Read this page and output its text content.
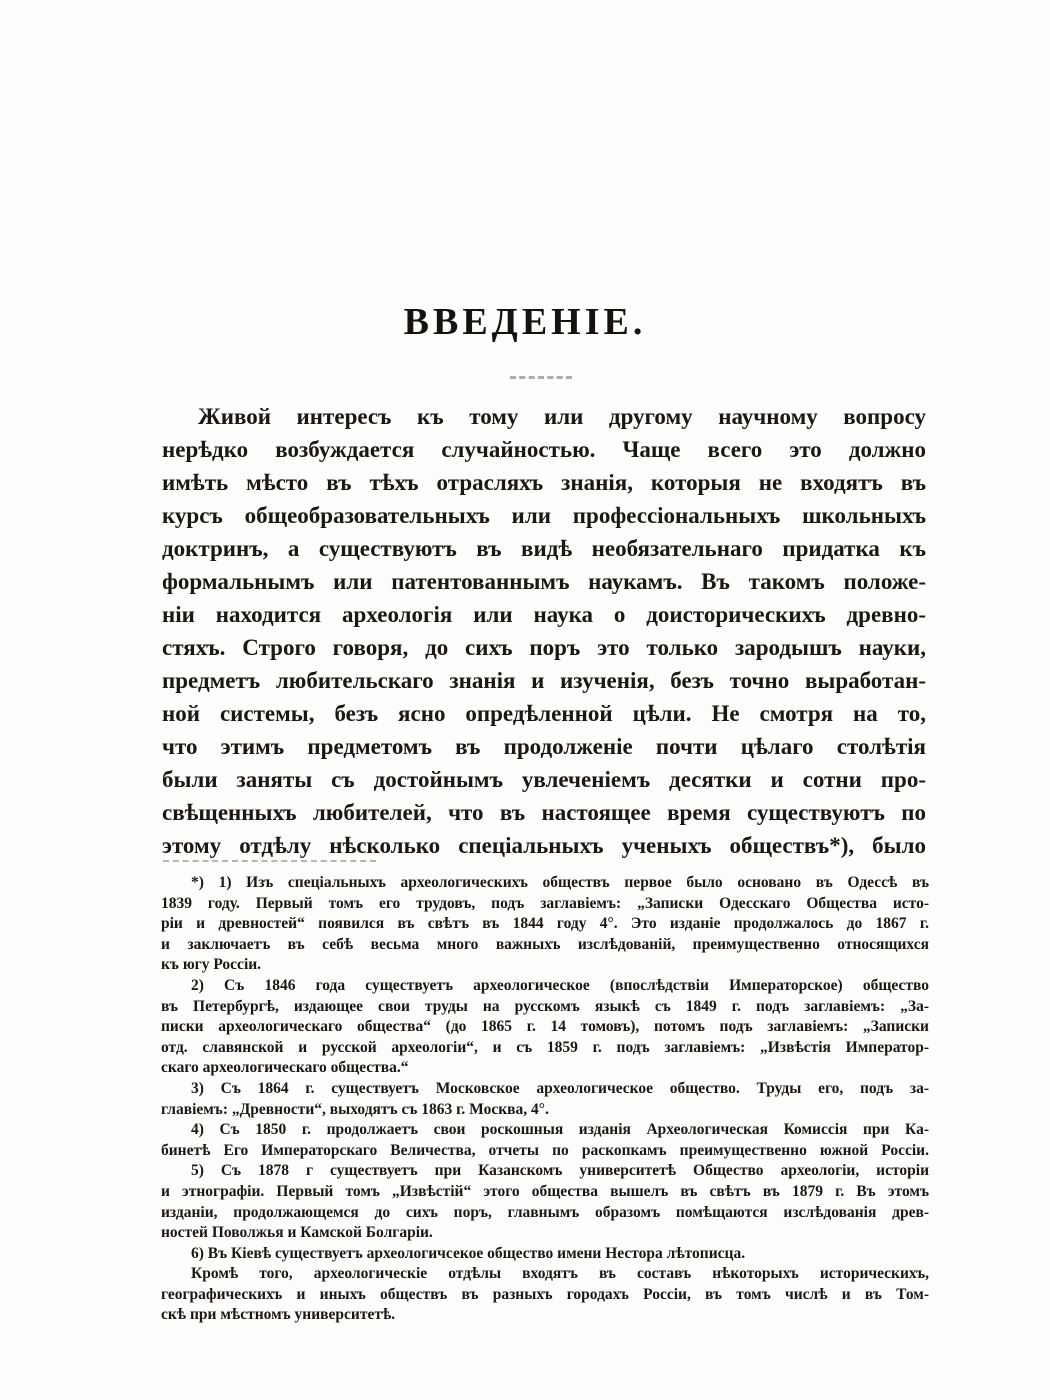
ВВЕДЕНІЕ.
Живой интересъ къ тому или другому научному вопросу
нерѣдко возбуждается случайностью. Чаще всего это должно
имѣть мѣсто въ тѣхъ отрасляхъ знанія, которыя не входятъ въ
курсъ общеобразовательныхъ или профессіональныхъ школьныхъ
доктринъ, а существуютъ въ видѣ необязательнаго придатка къ
формальнымъ или патентованнымъ наукамъ. Въ такомъ положе-
ніи находится археологія или наука о доисторическихъ древно-
стяхъ. Строго говоря, до сихъ поръ это только зародышъ науки,
предметъ любительскаго знанія и изученія, безъ точно выработан-
ной системы, безъ ясно опредѣленной цѣли. Не смотря на то,
что этимъ предметомъ въ продолженіе почти цѣлаго столѣтія
были заняты съ достойнымъ увлеченіемъ десятки и сотни про-
свѣщенныхъ любителей, что въ настоящее время существуютъ по
этому отдѣлу нѣсколько спеціальныхъ ученыхъ обществъ*), было
*) 1) Изъ спеціальныхъ археологическихъ обществъ первое было основано въ Одессѣ въ
1839 году. Первый томъ его трудовъ, подъ заглавіемъ: „Записки Одесскаго Общества исто-
ріи и древностей“ появился въ свѣтъ въ 1844 году 4°. Это изданіе продолжалось до 1867 г.
и заключаетъ въ себѣ весьма много важныхъ изслѣдованій, преимущественно относящихся
къ югу Россіи.
2) Съ 1846 года существуетъ археологическое (впослѣдствіи Императорское) общество
въ Петербургѣ, издающее свои труды на русскомъ языкѣ съ 1849 г. подъ заглавіемъ: „За-
писки археологическаго общества“ (до 1865 г. 14 томовъ), потомъ подъ заглавіемъ: „Записки
отд. славянской и русской археологіи“, и съ 1859 г. подъ заглавіемъ: „Извѣстія Император-
скаго археологическаго общества.“
3) Съ 1864 г. существуетъ Московское археологическое общество. Труды его, подъ за-
главіемъ: „Древности“, выходятъ съ 1863 г. Москва, 4°.
4) Съ 1850 г. продолжаетъ свои роскошныя изданія Археологическая Комиссія при Ка-
бинетѣ Его Императорскаго Величества, отчеты по раскопкамъ преимущественно южной Россіи.
5) Съ 1878 г существуетъ при Казанскомъ университетѣ Общество археологіи, исторіи
и этнографіи. Первый томъ „Извѣстій“ этого общества вышелъ въ свѣтъ въ 1879 г. Въ этомъ
изданіи, продолжающемся до сихъ поръ, главнымъ образомъ помѣщаются изслѣдованія древ-
ностей Поволжья и Камской Болгаріи.
6) Въ Кіевѣ существуетъ археологичсекое общество имени Нестора лѣтописца.
Кромѣ того, археологическіе отдѣлы входятъ въ составъ нѣкоторыхъ историческихъ,
географическихъ и иныхъ обществъ въ разныхъ городахъ Россіи, въ томъ числѣ и въ Том-
скѣ при мѣстномъ университетѣ.
